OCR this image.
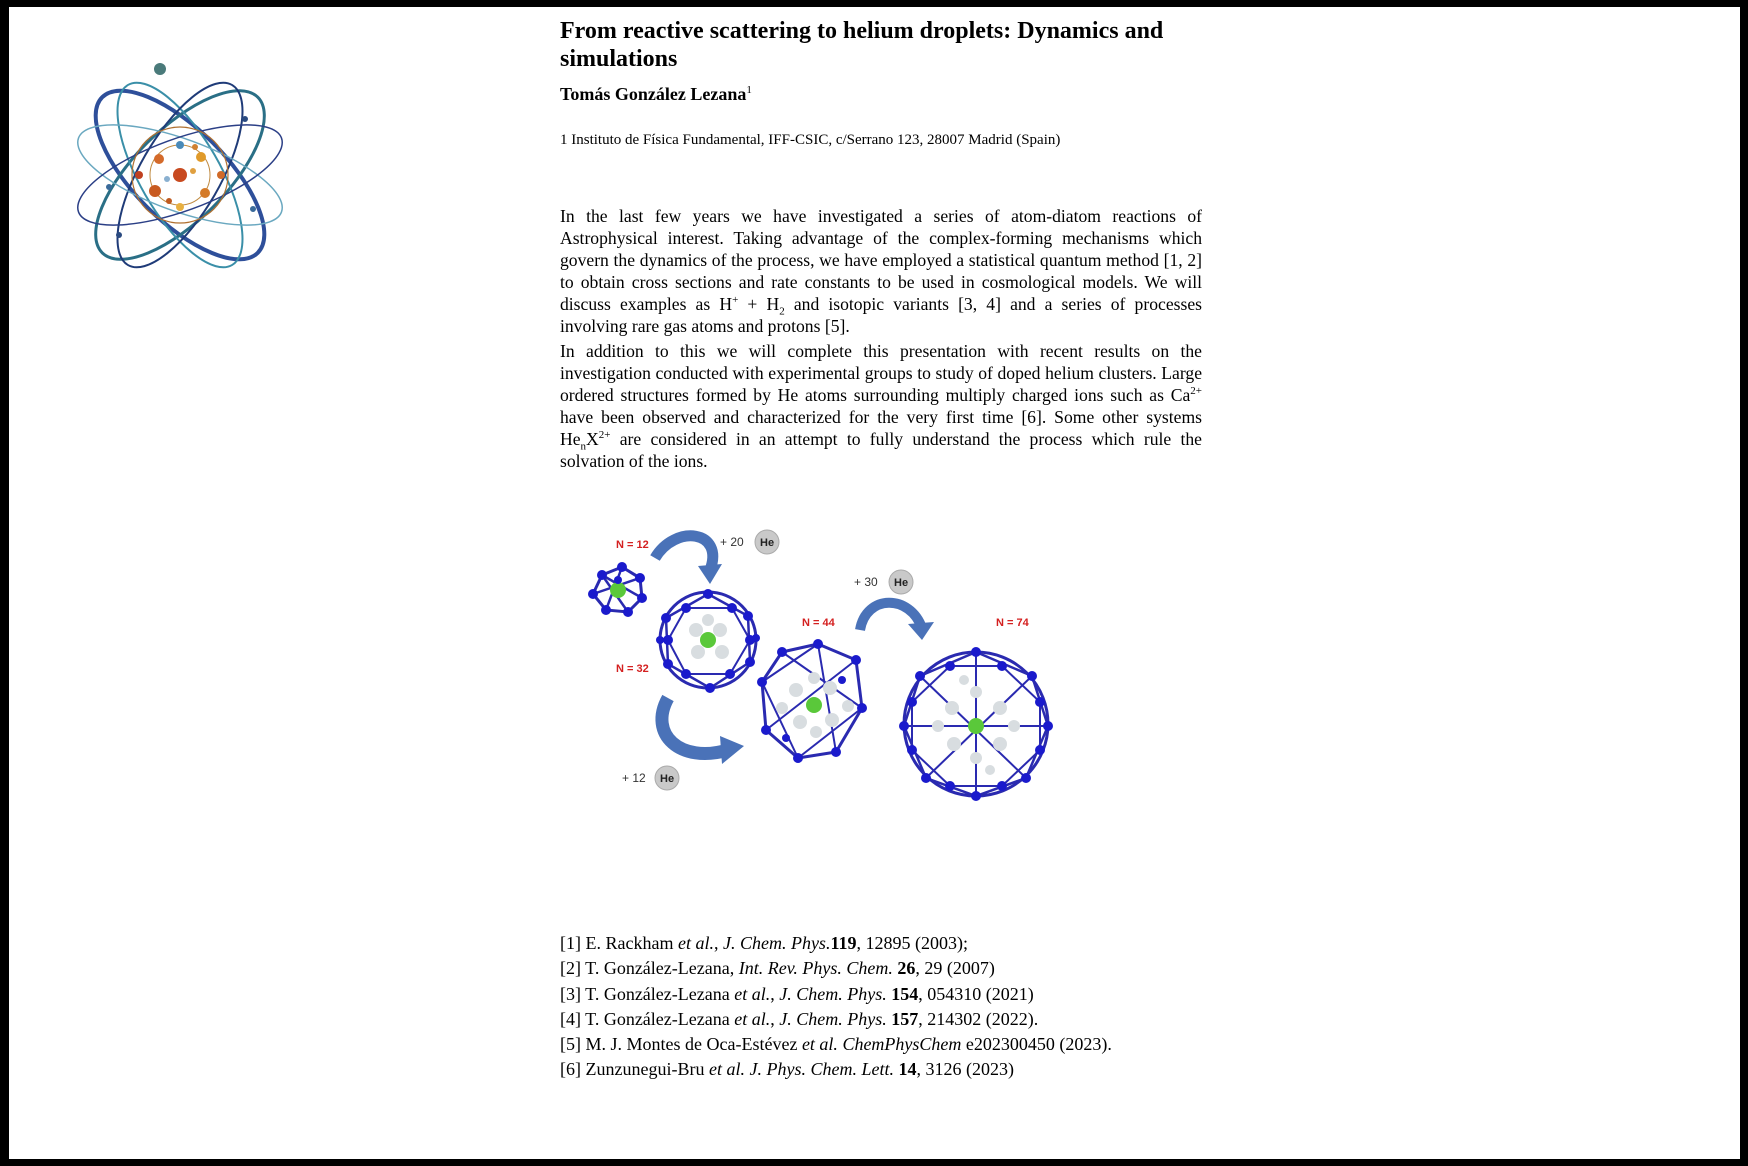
From reactive scattering to helium droplets: Dynamics and simulations
Tomás González Lezana$^1$
1 Instituto de Física Fundamental, IFF-CSIC, c/Serrano 123, 28007 Madrid (Spain)

In the last few years we have investigated a series of atom-diatom reactions of Astrophysical interest. Taking advantage of the complex-forming mechanisms which govern the dynamics of the process, we have employed a statistical quantum method [1, 2] to obtain cross sections and rate constants to be used in cosmological models. We will discuss examples as $H^+ + H_2$ and isotopic variants [3, 4] and a series of processes involving rare gas atoms and protons [5].

In addition to this we will complete this presentation with recent results on the investigation conducted with experimental groups to study of doped helium clusters. Large ordered structures formed by He atoms surrounding multiply charged ions such as $Ca^{2+}$ have been observed and characterized for the very first time [6]. Some other systems $He_nX^{2+}$ are considered in an attempt to fully understand the process which rule the solvation of the ions.

N = 12	+ 20 He
N = 32
+ 12 He
N = 44
+ 30 He
N = 74
[1] E. Rackham et al., J. Chem. Phys.119, 12895 (2003);
[2] T. González-Lezana, Int. Rev. Phys. Chem. 26, 29 (2007)
[3] T. González-Lezana et al., J. Chem. Phys. 154, 054310 (2021)
[4] T. González-Lezana et al., J. Chem. Phys. 157, 214302 (2022).
[5] M. J. Montes de Oca-Estévez et al. ChemPhysChem e202300450 (2023).
[6] Zunzunegui-Bru et al. J. Phys. Chem. Lett. 14, 3126 (2023)
